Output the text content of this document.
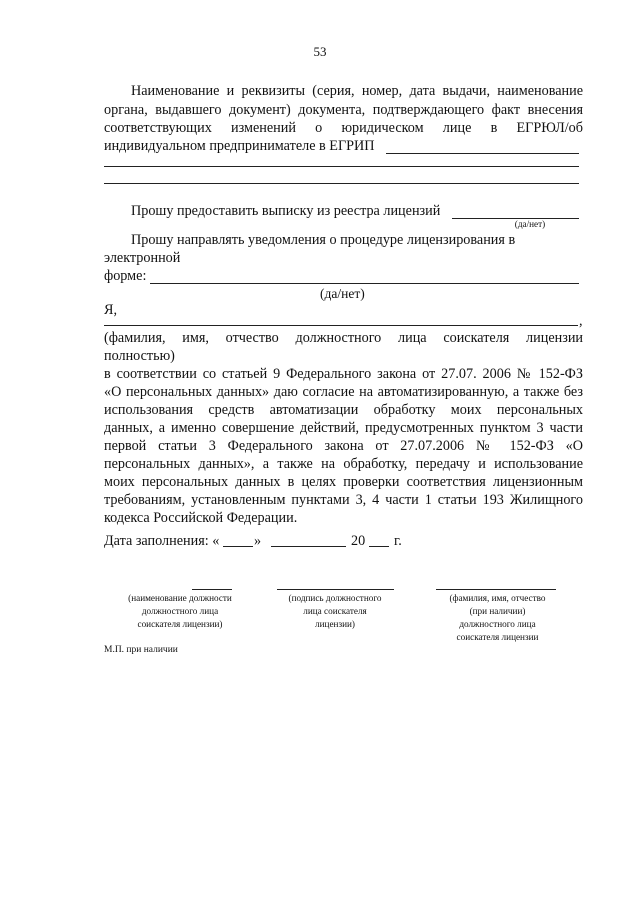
53
Наименование и реквизиты (серия, номер, дата выдачи, наименование
органа, выдавшего документ) документа, подтверждающего факт внесения
соответствующих изменений о юридическом лице в ЕГРЮЛ/об
индивидуальном предпринимателе в ЕГРИП
Прошу предоставить выписку из реестра лицензий
(да/нет)
Прошу направлять уведомления о процедуре лицензирования в
электронной
форме:
(да/нет)
Я,
,
(фамилия, имя, отчество должностного лица соискателя лицензии
полностью)
в соответствии со статьей 9 Федерального закона от 27.07. 2006 № 152-ФЗ
«О персональных данных» даю согласие на автоматизированную, а также без
использования средств автоматизации обработку моих персональных
данных, а именно совершение действий, предусмотренных пунктом 3 части
первой статьи 3 Федерального закона от 27.07.2006 № 152-ФЗ «О
персональных данных», а также на обработку, передачу и использование
моих персональных данных в целях проверки соответствия лицензионным
требованиям, установленным пунктами 3, 4 части 1 статьи 193 Жилищного
кодекса Российской Федерации.
Дата заполнения: « »	20 г.
(наименование должности
должностного лица
соискателя лицензии)
(подпись должностного
лица соискателя
лицензии)
(фамилия, имя, отчество
(при наличии)
должностного лица
соискателя лицензии
М.П. при наличии
